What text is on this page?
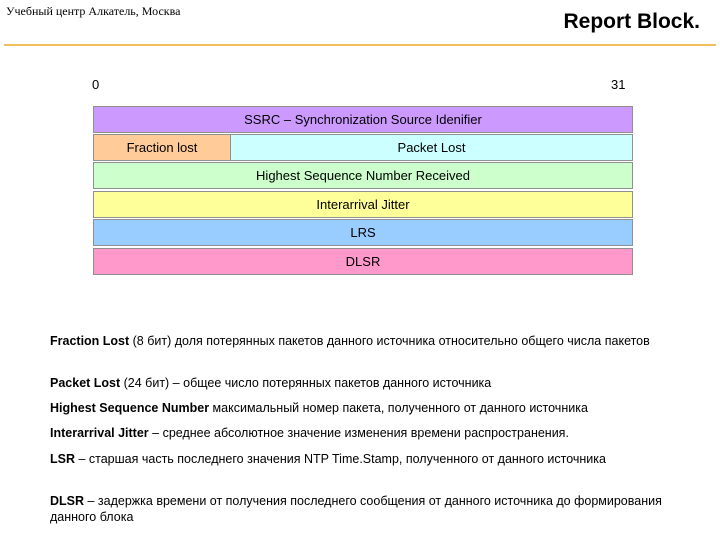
Учебный центр Алкатель, Москва	Report Block.
0	31
SSRC – Synchronization Source Idenifier
Fraction lost	Packet Lost
Highest Sequence Number Received
Interarrival Jitter
LRS
DLSR
Fraction Lost (8 бит) доля потерянных пакетов данного источника относительно общего числа пакетов
Packet Lost (24 бит) – общее число потерянных пакетов данного источника
Highest Sequence Number максимальный номер пакета, полученного от данного источника
Interarrival Jitter – среднее абсолютное значение изменения времени распространения.
LSR – старшая часть последнего значения NTP Time.Stamp, полученного от данного источника
DLSR – задержка времени от получения последнего сообщения от данного источника до формирования данного блока
